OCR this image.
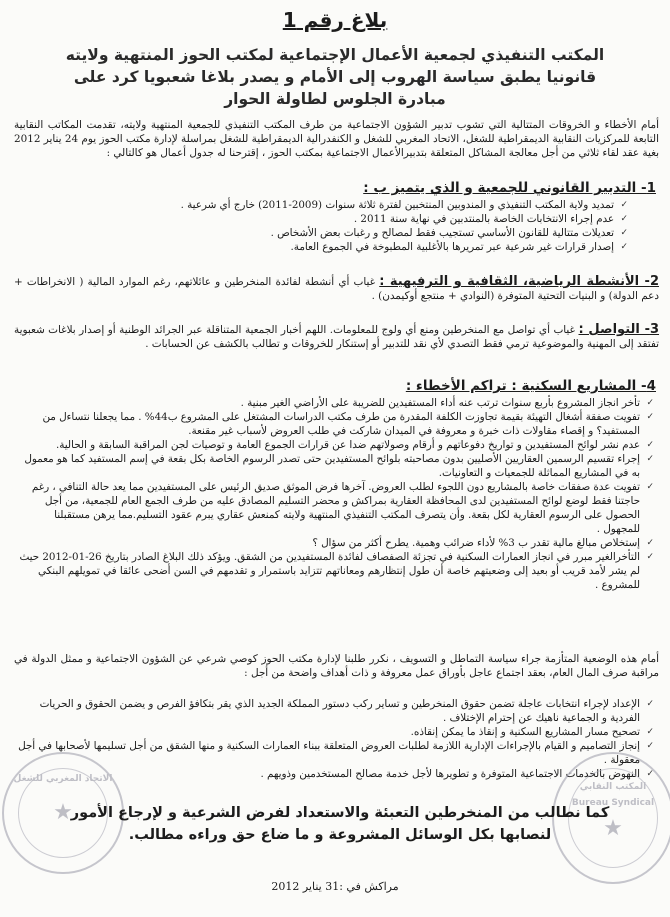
بلاغ رقم 1
المكتب التنفيذي لجمعية الأعمال الإجتماعية لمكتب الحوز المنتهية ولايته
قانونيا يطبق سياسة الهروب إلى الأمام و يصدر بلاغا شعبويا كرد على
مبادرة الجلوس لطاولة الحوار
أمام الأخطاء و الخروقات المتتالية التي تشوب تدبير الشؤون الاجتماعية من طرف المكتب التنفيذي للجمعية المنتهية ولايته، تقدمت المكاتب النقابية التابعة للمركزيات النقابية الديمقراطية للشغل، الاتحاد المغربي للشغل و الكنفدرالية الديمقراطية للشغل بمراسلة لإدارة مكتب الحوز يوم 24 يناير 2012 بغية عقد لقاء ثلاثي من أجل معالجة المشاكل المتعلقة بتدبيرالأعمال الاجتماعية بمكتب الحوز ، إقترحنا له جدول أعمال هو كالتالي :
1- التدبير القانوني للجمعية و الذي يتميز ب :
✓ تمديد ولاية المكتب التنفيذي و المندوبين المنتخبين لفترة ثلاثة سنوات (2009-2011) خارج أي شرعية .
✓ عدم إجراء الانتخابات الخاصة بالمنتدبين في نهاية سنة 2011 .
✓ تعديلات متتالية للقانون الأساسي تستجيب فقط لمصالح و رغبات بعض الأشخاص .
✓ إصدار قرارات غير شرعية عبر تمريرها بالأغلبية المطبوخة في الجموع العامة.
2- الأنشطة الرياضية، الثقافية و الترفيهية : غياب أي أنشطة لفائدة المنخرطين و عائلاتهم، رغم الموارد المالية ( الانخراطات + دعم الدولة) و البنيات التحتية المتوفرة (النوادي + منتجع أوكيمدن) .
3- التواصل : غياب أي تواصل مع المنخرطين ومنع أي ولوج للمعلومات. اللهم أخبار الجمعية المتناقلة عبر الجرائد الوطنية أو إصدار بلاغات شعبوية تفتقد إلى المهنية والموضوعية ترمي فقط التصدي لأي نقد للتدبير أو إستنكار للخروقات و تطالب بالكشف عن الحسابات .
4- المشاريع السكنية : تراكم الأخطاء :
✓ تأخر انجاز المشروع بأربع سنوات ترتب عنه أداء المستفيدين للضريبة على الأراضي الغير مبنية .
✓ تفويت صفقة أشغال التهيئة بقيمة تجاوزت الكلفة المقدرة من طرف مكتب الدراسات المشتغل على المشروع ب44% . مما يجعلنا نتساءل من المستفيد؟ و إقصاء مقاولات ذات خبرة و معروفة في الميدان شاركت في طلب العروض لأسباب غير مقنعة.
✓ عدم نشر لوائح المستفيدين و تواريخ دفوعاتهم و أرقام وصولاتهم ضدا عن قرارات الجموع العامة و توصيات لجن المراقبة السابقة و الحالية.
✓ إجراء تقسيم الرسمين العقاريين الأصليين بدون مصاحبته بلوائح المستفيدين حتى تصدر الرسوم الخاصة بكل بقعة في إسم المستفيد كما هو معمول به في المشاريع المماثلة للجمعيات و التعاونيات.
✓ تفويت عدة صفقات خاصة بالمشاريع دون اللجوء لطلب العروض. آخرها فرض الموثق صديق الرئيس على المستفيدين مما يعد حالة التنافي ، رغم حاجتنا فقط لوضع لوائح المستفيدين لدى المحافظة العقارية بمراكش و محضر التسليم المصادق عليه من طرف الجمع العام للجمعية، من أجل الحصول على الرسوم العقارية لكل بقعة. وأن يتصرف المكتب التنفيذي المنتهية ولايته كمنعش عقاري يبرم عقود التسليم.مما يرهن مستقبلنا للمجهول .
✓ إستخلاص مبالغ مالية تقدر ب 3% لأداء ضرائب وهمية. يطرح أكثر من سؤال ؟
✓ التأخرالغير مبرر في انجاز العمارات السكنية في تجزئة الصفصاف لفائدة المستفيدين من الشقق. ويؤكد ذلك البلاغ الصادر بتاريخ 26-01-2012 حيث لم يشر لأمد قريب أو بعيد إلى وضعيتهم خاصة أن طول إنتظارهم ومعاناتهم تتزايد باستمرار و تقدمهم في السن أضحى عائقا في تمويلهم البنكي للمشروع .
أمام هذه الوضعية المتأزمة جراء سياسة التماطل و التسويف ، نكرر طلبنا لإدارة مكتب الحوز كوصي شرعي عن الشؤون الاجتماعية و ممثل الدولة في مراقبة صرف المال العام، بعقد اجتماع عاجل بأوراق عمل معروفة و ذات أهداف واضحة من أجل :
✓ الإعداد لإجراء انتخابات عاجلة تضمن حقوق المنخرطين و تساير ركب دستور المملكة الجديد الذي يقر بتكافؤ الفرص و يضمن الحقوق و الحريات الفردية و الجماعية ناهيك عن إحترام الإختلاف .
✓ تصحيح مسار المشاريع السكنية و إنقاذ ما يمكن إنقاذه.
✓ إنجاز التصاميم و القيام بالإجراءات الإدارية اللازمة لطلبات العروض المتعلقة ببناء العمارات السكنية و منها الشقق من أجل تسليمها لأصحابها في أجل معقولة .
✓ النهوض بالخدمات الاجتماعية المتوفرة و تطويرها لأجل خدمة مصالح المستخدمين وذويهم .
الاتحاد المغربي للشغل
★
المكتب النقابي
Bureau Syndical
★
كما نطالب من المنخرطين التعبئة والاستعداد لفرض الشرعية و لإرجاع الأمور لنصابها بكل الوسائل المشروعة و ما ضاع حق وراءه مطالب.
مراكش في :31 يناير 2012
